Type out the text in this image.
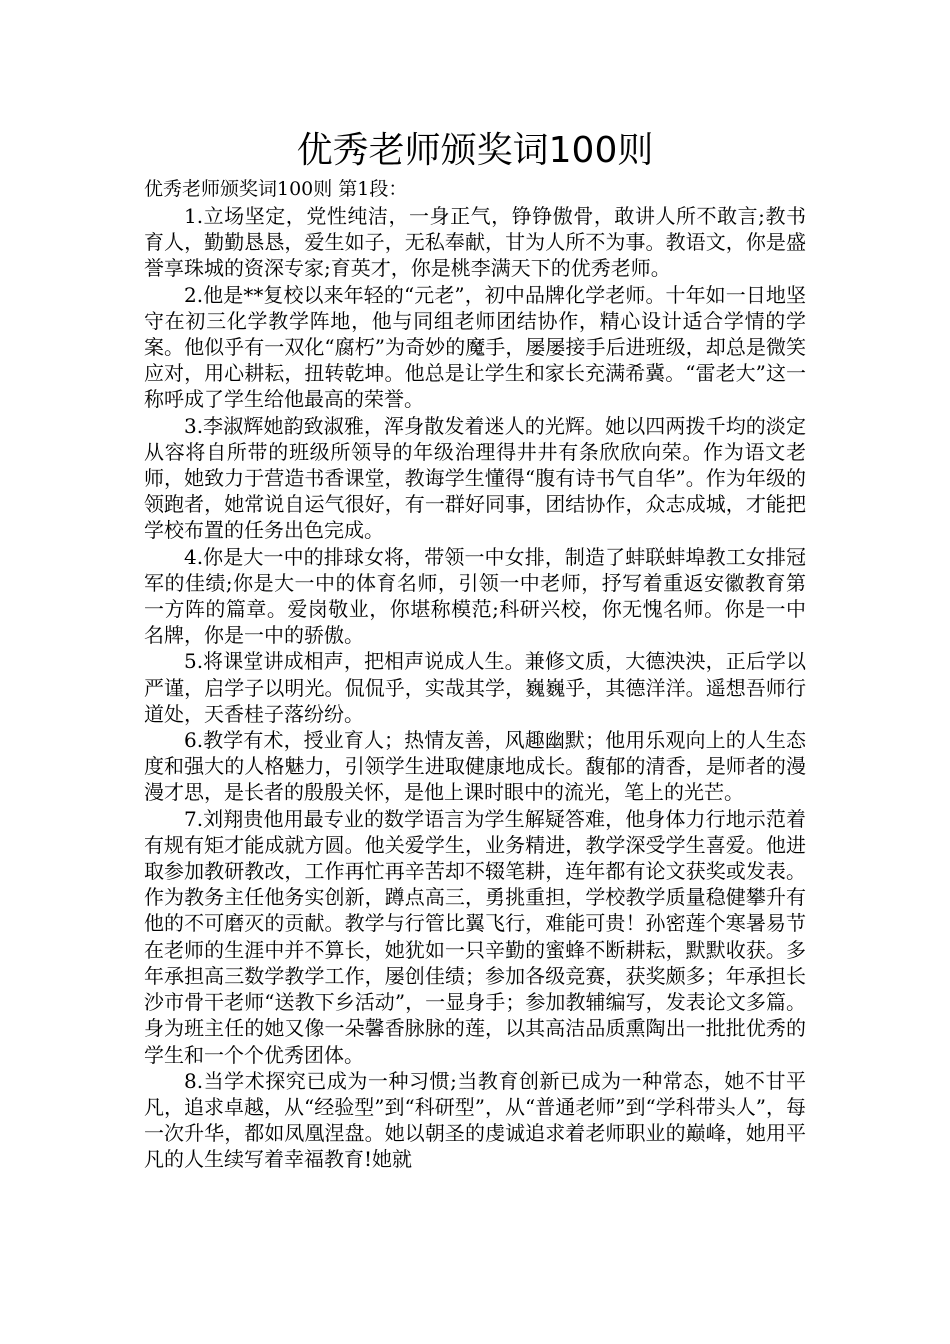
优秀老师颁奖词100则

优秀老师颁奖词100则 第1段：

1.立场坚定，党性纯洁，一身正气，铮铮傲骨，敢讲人所不敢言;教书育人，勤勤恳恳，爱生如子，无私奉献，甘为人所不为事。教语文，你是盛誉享珠城的资深专家;育英才，你是桃李满天下的优秀老师。

2.他是**复校以来年轻的“元老”，初中品牌化学老师。十年如一日地坚守在初三化学教学阵地，他与同组老师团结协作，精心设计适合学情的学案。他似乎有一双化“腐朽”为奇妙的魔手，屡屡接手后进班级，却总是微笑应对，用心耕耘，扭转乾坤。他总是让学生和家长充满希冀。“雷老大”这一称呼成了学生给他最高的荣誉。

3.李淑辉她韵致淑雅，浑身散发着迷人的光辉。她以四两拨千均的淡定从容将自所带的班级所领导的年级治理得井井有条欣欣向荣。作为语文老师，她致力于营造书香课堂，教诲学生懂得“腹有诗书气自华”。作为年级的领跑者，她常说自运气很好，有一群好同事，团结协作，众志成城，才能把学校布置的任务出色完成。

4.你是大一中的排球女将，带领一中女排，制造了蚌联蚌埠教工女排冠军的佳绩;你是大一中的体育名师，引领一中老师，抒写着重返安徽教育第一方阵的篇章。爱岗敬业，你堪称模范;科研兴校，你无愧名师。你是一中名牌，你是一中的骄傲。

5.将课堂讲成相声，把相声说成人生。兼修文质，大德泱泱，正后学以严谨，启学子以明光。侃侃乎，实哉其学，巍巍乎，其德洋洋。遥想吾师行道处，天香桂子落纷纷。

6.教学有术，授业育人；热情友善，风趣幽默；他用乐观向上的人生态度和强大的人格魅力，引领学生进取健康地成长。馥郁的清香，是师者的漫漫才思，是长者的殷殷关怀，是他上课时眼中的流光，笔上的光芒。

7.刘翔贵他用最专业的数学语言为学生解疑答难，他身体力行地示范着有规有矩才能成就方圆。他关爱学生，业务精进，教学深受学生喜爱。他进取参加教研教改，工作再忙再辛苦却不辍笔耕，连年都有论文获奖或发表。作为教务主任他务实创新，蹲点高三，勇挑重担，学校教学质量稳健攀升有他的不可磨灭的贡献。教学与行管比翼飞行，难能可贵！孙密莲个寒暑易节在老师的生涯中并不算长，她犹如一只辛勤的蜜蜂不断耕耘，默默收获。多年承担高三数学教学工作，屡创佳绩；参加各级竞赛，获奖颇多；年承担长沙市骨干老师“送教下乡活动”，一显身手；参加教辅编写，发表论文多篇。身为班主任的她又像一朵馨香脉脉的莲，以其高洁品质熏陶出一批批优秀的学生和一个个优秀团体。

8.当学术探究已成为一种习惯;当教育创新已成为一种常态，她不甘平凡，追求卓越，从“经验型”到“科研型”，从“普通老师”到“学科带头人”，每一次升华，都如凤凰涅盘。她以朝圣的虔诚追求着老师职业的巅峰，她用平凡的人生续写着幸福教育!她就
